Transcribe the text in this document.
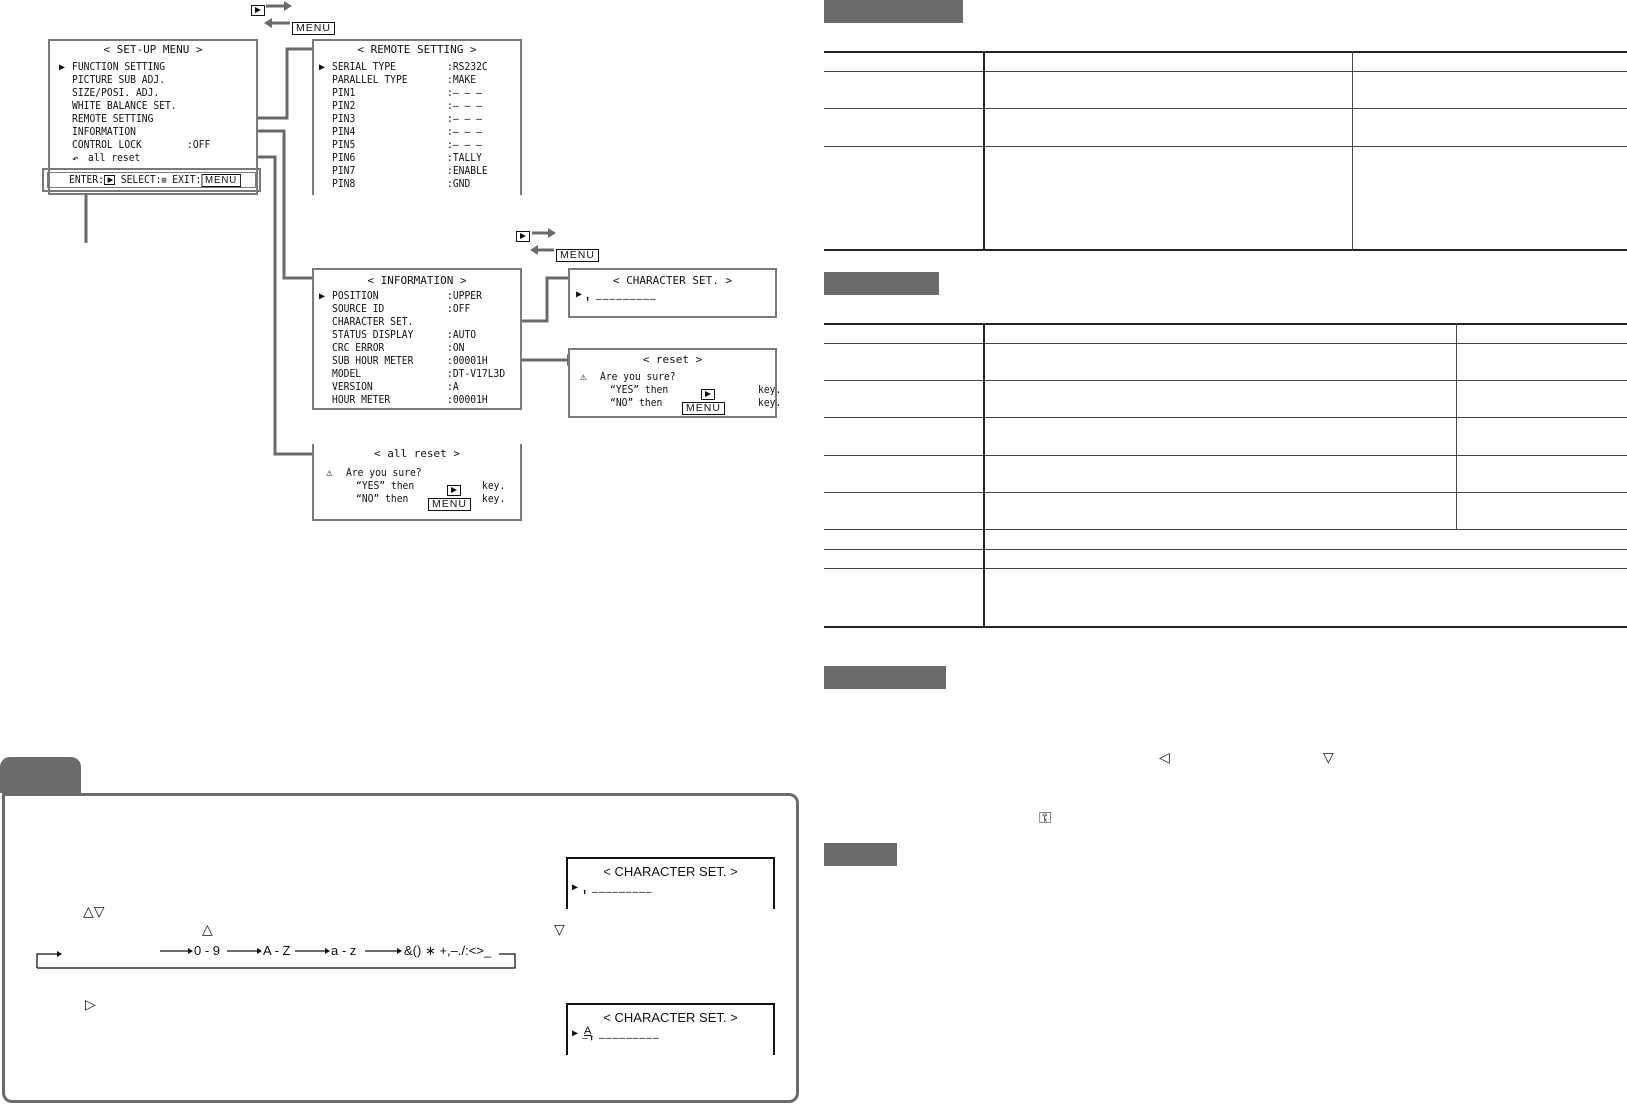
MENU
MENU
< SET-UP MENU >
▶ FUNCTION SETTING
PICTURE SUB ADJ.
SIZE/POSI. ADJ.
WHITE BALANCE SET.
REMOTE SETTING
INFORMATION
CONTROL LOCK	:OFF
↶ all reset
ENTER: SELECT:⊞ EXIT: MENU
< REMOTE SETTING >
▶ SERIAL TYPE	:RS232C
PARALLEL TYPE	:MAKE
PIN1	:– – –
PIN2	:– – –
PIN3	:– – –
PIN4	:– – –
PIN5	:– – –
PIN6	:TALLY
PIN7	:ENABLE
PIN8	:GND
< INFORMATION >
▶ POSITION	:UPPER
SOURCE ID	:OFF
CHARACTER SET.
STATUS DISPLAY	:AUTO
CRC ERROR	:ON
SUB HOUR METER	:00001H
MODEL	:DT-V17L3D
VERSION	:A
HOUR METER	:00001H
< CHARACTER SET. >
▶ ⬆ –––––––––
< reset >
⚠ Are you sure?
“YES” then	key.
“NO” then	MENU	key.
< all reset >
⚠ Are you sure?
“YES” then	key.
“NO” then	MENU	key.
< CHARACTER SET. >
▶ ⬆ –––––––––
△▽
△	▽
0 - 9	A - Z	a - z	&() ∗ +,–./:<>_
▷
< CHARACTER SET. >
▶ A
– ⬆ –––––––––
◁	▽
⚿
